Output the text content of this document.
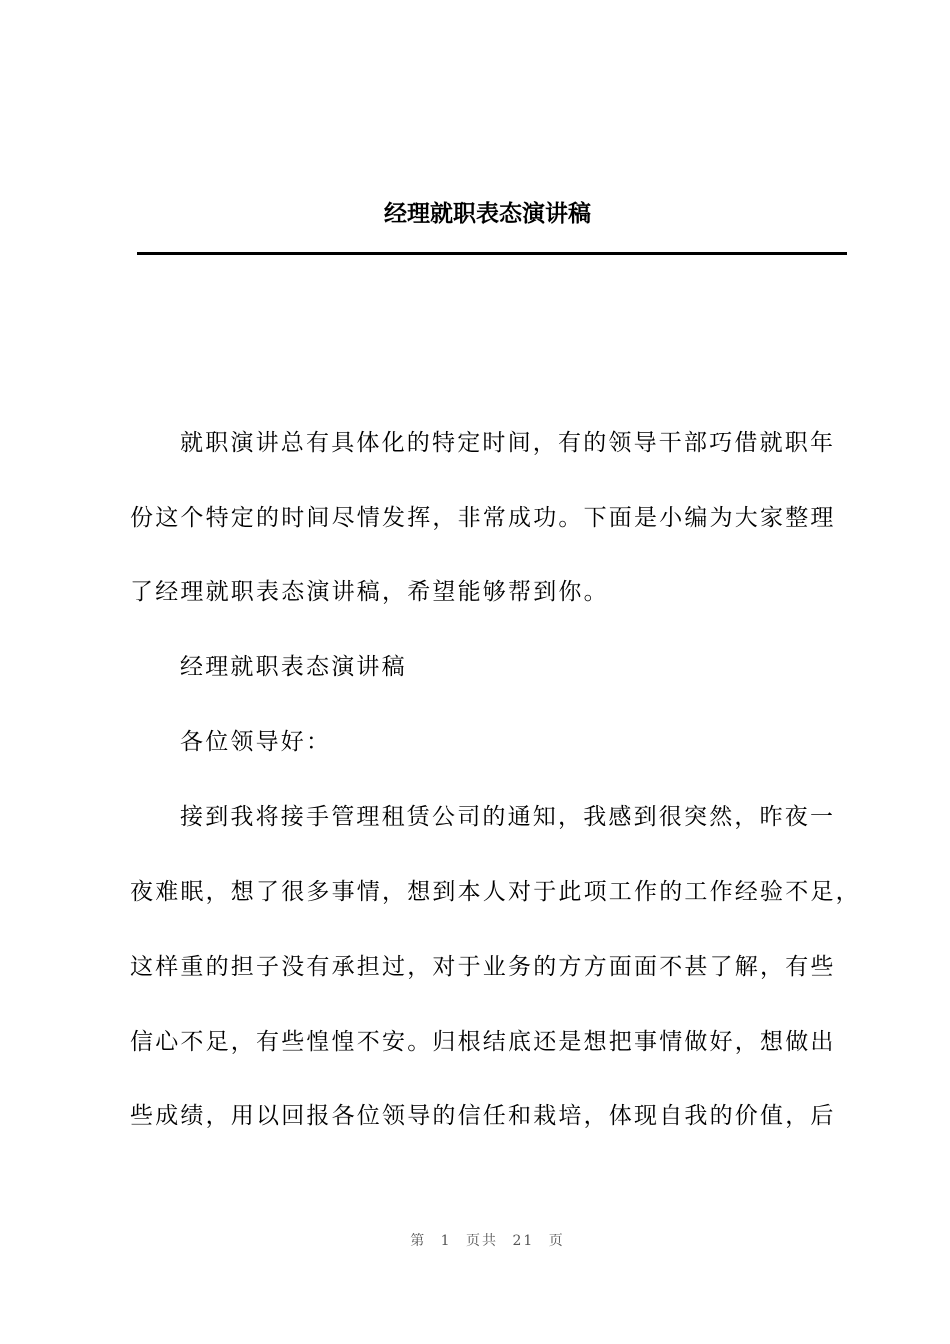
经理就职表态演讲稿
就职演讲总有具体化的特定时间，有的领导干部巧借就职年
份这个特定的时间尽情发挥，非常成功。下面是小编为大家整理
了经理就职表态演讲稿，希望能够帮到你。
经理就职表态演讲稿
各位领导好：
接到我将接手管理租赁公司的通知，我感到很突然，昨夜一
夜难眠，想了很多事情，想到本人对于此项工作的工作经验不足，
这样重的担子没有承担过，对于业务的方方面面不甚了解，有些
信心不足，有些惶惶不安。归根结底还是想把事情做好，想做出
些成绩，用以回报各位领导的信任和栽培，体现自我的价值，后
第 1 页共 21 页
